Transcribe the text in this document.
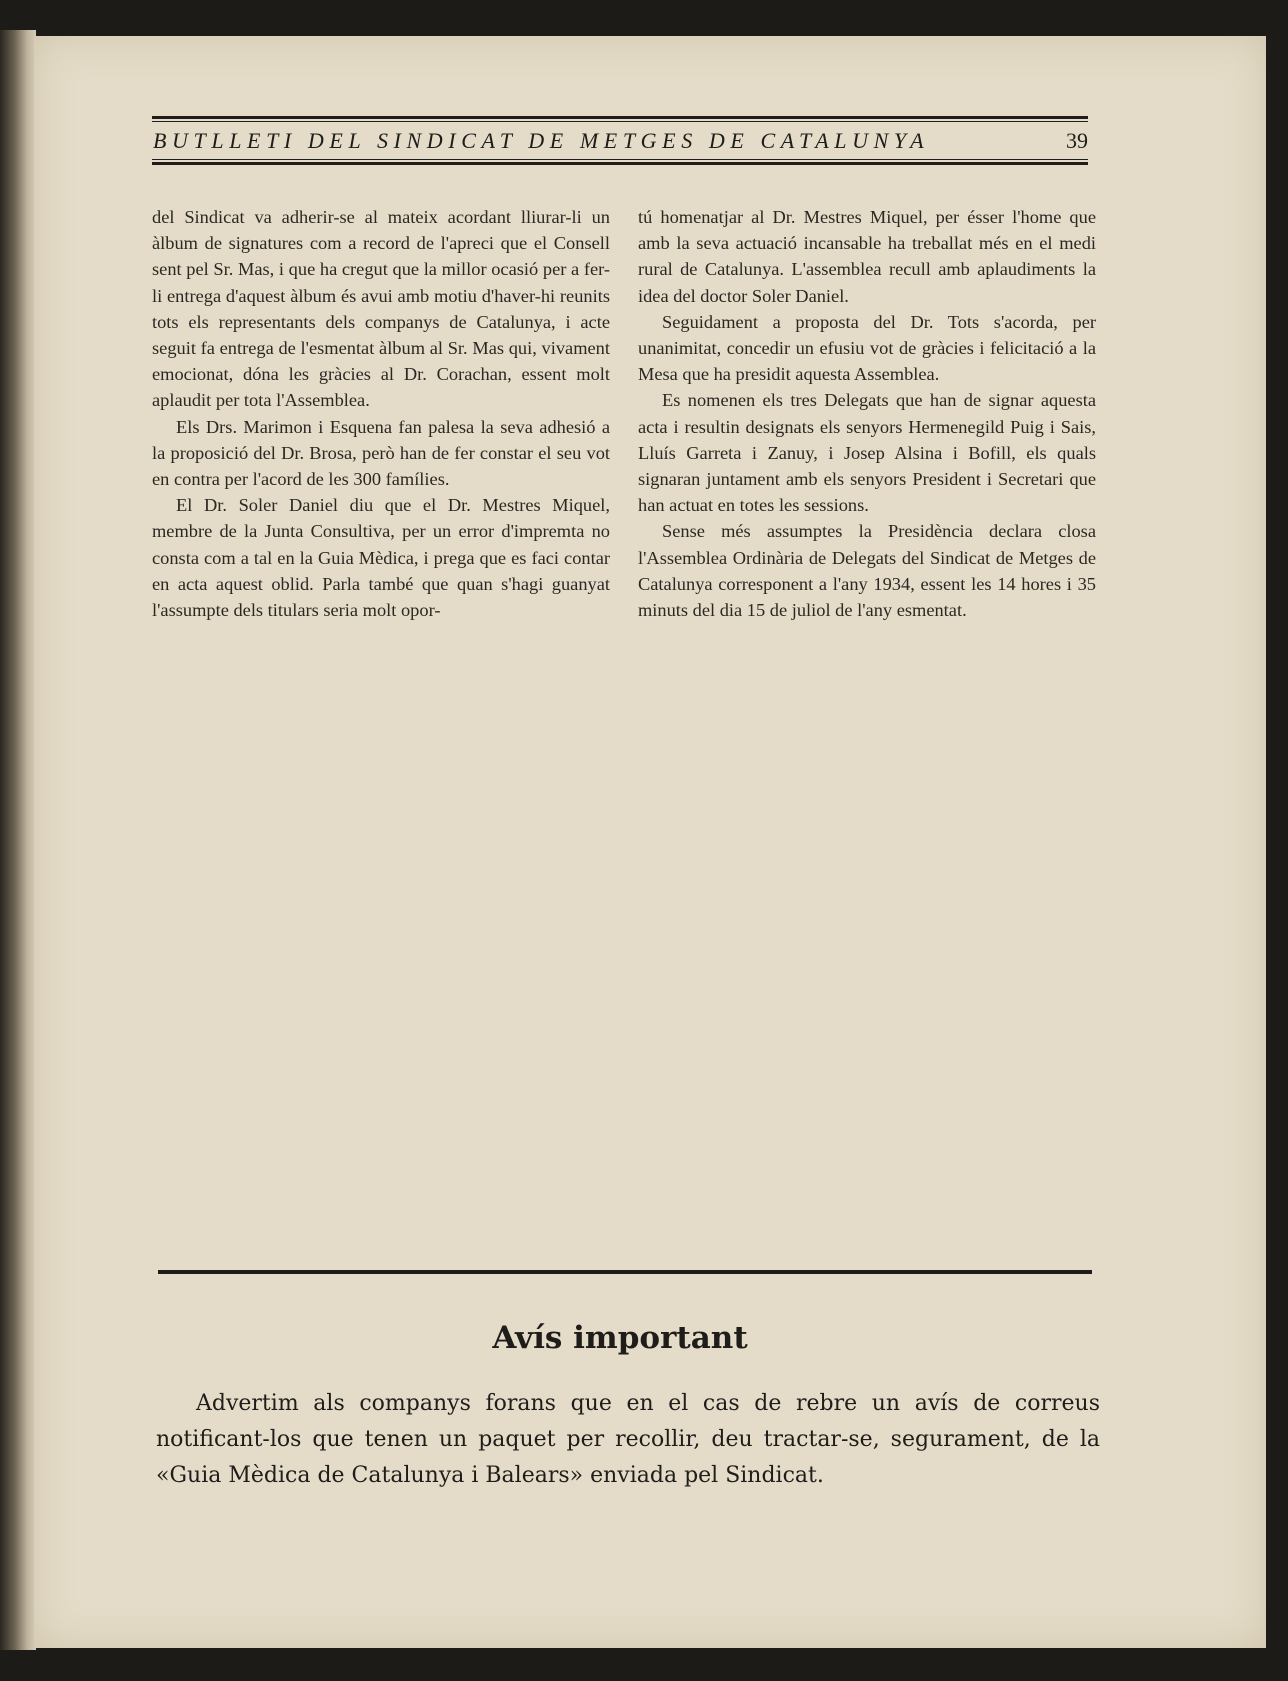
BUTLLETI DEL SINDICAT DE METGES DE CATALUNYA	39

del Sindicat va adherir-se al mateix acordant lliurar-li un àlbum de signatures com a record de l'apreci que el Consell sent pel Sr. Mas, i que ha cregut que la millor ocasió per a fer-li entrega d'aquest àlbum és avui amb motiu d'haver-hi reunits tots els representants dels companys de Catalunya, i acte seguit fa entrega de l'esmentat àlbum al Sr. Mas qui, vivament emocionat, dóna les gràcies al Dr. Corachan, essent molt aplaudit per tota l'Assemblea.

Els Drs. Marimon i Esquena fan palesa la seva adhesió a la proposició del Dr. Brosa, però han de fer constar el seu vot en contra per l'acord de les 300 famílies.

El Dr. Soler Daniel diu que el Dr. Mestres Miquel, membre de la Junta Consultiva, per un error d'impremta no consta com a tal en la Guia Mèdica, i prega que es faci contar en acta aquest oblid. Parla també que quan s'hagi guanyat l'assumpte dels titulars seria molt opor-

tú homenatjar al Dr. Mestres Miquel, per ésser l'home que amb la seva actuació incansable ha treballat més en el medi rural de Catalunya. L'assemblea recull amb aplaudiments la idea del doctor Soler Daniel.

Seguidament a proposta del Dr. Tots s'acorda, per unanimitat, concedir un efusiu vot de gràcies i felicitació a la Mesa que ha presidit aquesta Assemblea.

Es nomenen els tres Delegats que han de signar aquesta acta i resultin designats els senyors Hermenegild Puig i Sais, Lluís Garreta i Zanuy, i Josep Alsina i Bofill, els quals signaran juntament amb els senyors President i Secretari que han actuat en totes les sessions.

Sense més assumptes la Presidència declara closa l'Assemblea Ordinària de Delegats del Sindicat de Metges de Catalunya corresponent a l'any 1934, essent les 14 hores i 35 minuts del dia 15 de juliol de l'any esmentat.

Avís important

Advertim als companys forans que en el cas de rebre un avís de correus notificant-los que tenen un paquet per recollir, deu tractar-se, segurament, de la «Guia Mèdica de Catalunya i Balears» enviada pel Sindicat.
